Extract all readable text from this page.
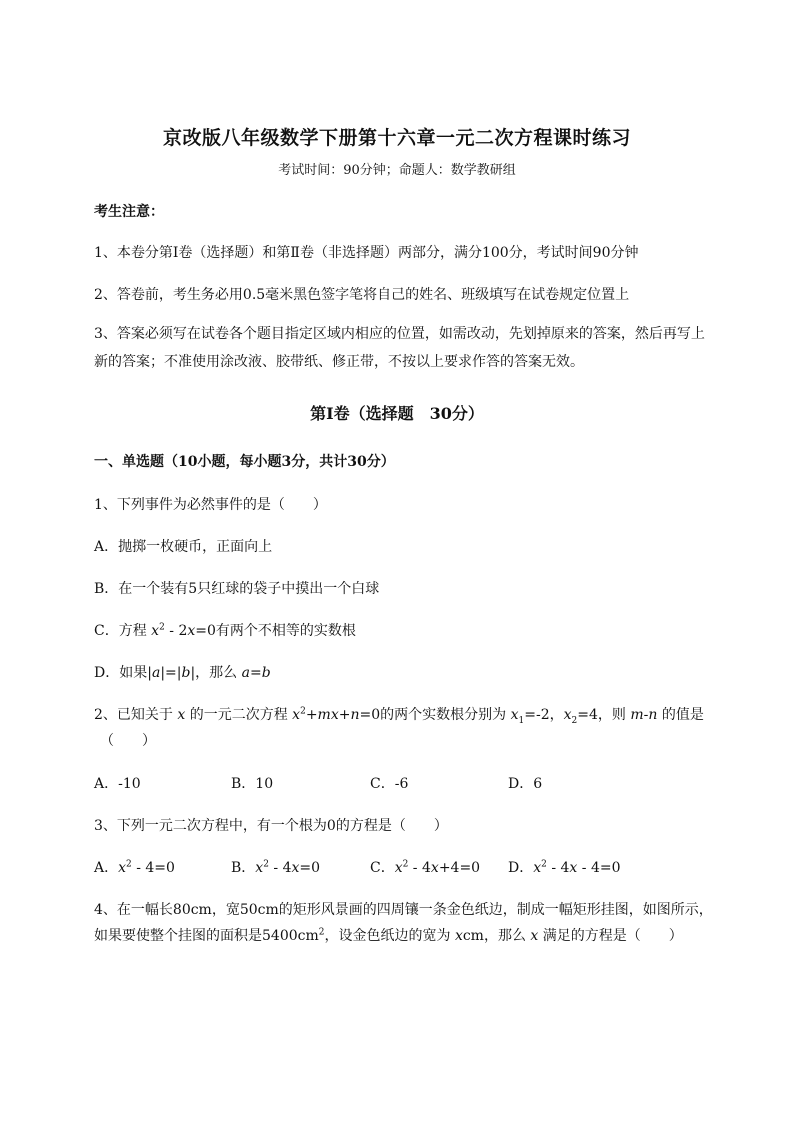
京改版八年级数学下册第十六章一元二次方程课时练习
考试时间：90分钟；命题人：数学教研组
考生注意：
1、本卷分第Ⅰ卷（选择题）和第Ⅱ卷（非选择题）两部分，满分100分，考试时间90分钟
2、答卷前，考生务必用0.5毫米黑色签字笔将自己的姓名、班级填写在试卷规定位置上
3、答案必须写在试卷各个题目指定区域内相应的位置，如需改动，先划掉原来的答案，然后再写上新的答案；不准使用涂改液、胶带纸、修正带，不按以上要求作答的答案无效。
第Ⅰ卷（选择题　30分）
一、单选题（10小题，每小题3分，共计30分）
1、下列事件为必然事件的是（　　）
A．抛掷一枚硬币，正面向上
B．在一个装有5只红球的袋子中摸出一个白球
C．方程 $x^2 - 2x=0$有两个不相等的实数根
D．如果|a|=|b|，那么 a=b
2、已知关于 x 的一元二次方程 $x^2+mx+n=0$的两个实数根分别为 $x_1=-2$，$x_2=4$，则 m-n 的值是
（　　）
A．-10	B．10	C．-6	D．6
3、下列一元二次方程中，有一个根为0的方程是（　　）
A．$x^2 - 4=0$	B．$x^2 - 4x=0$	C．$x^2 - 4x+4=0$ D．$x^2 - 4x - 4=0$
4、在一幅长80cm，宽50cm的矩形风景画的四周镶一条金色纸边，制成一幅矩形挂图，如图所示，
如果要使整个挂图的面积是$5400cm^2$，设金色纸边的宽为 xcm，那么 x 满足的方程是（　　）
